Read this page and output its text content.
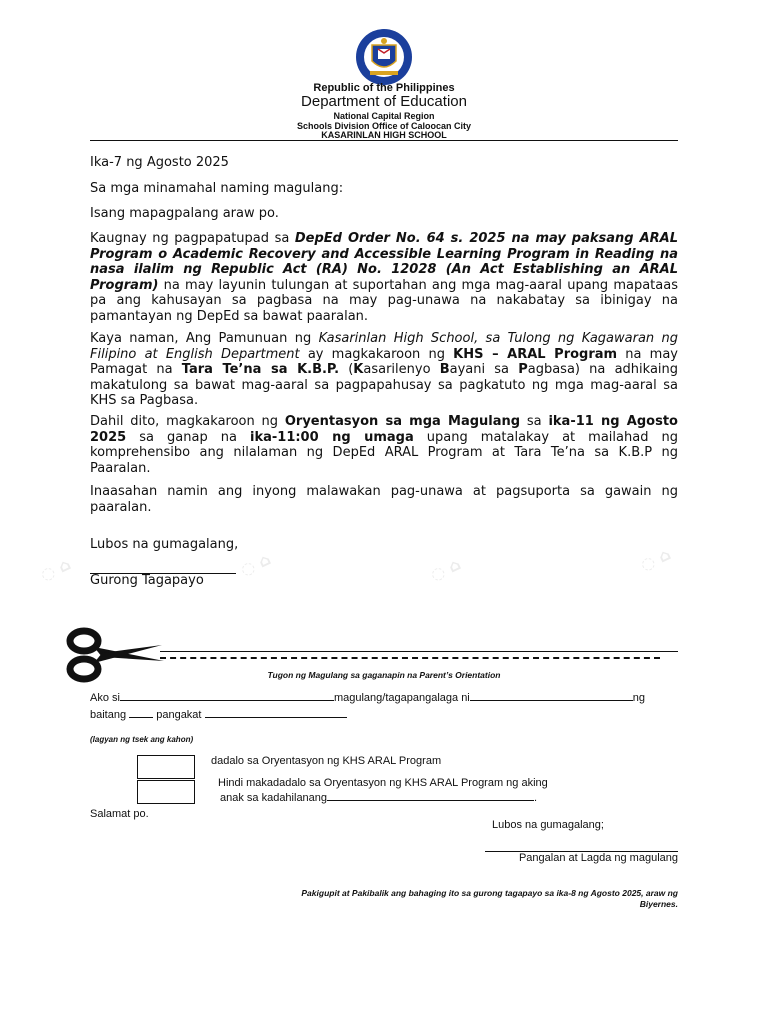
◌ ⌂	◌ ⌂	◌ ⌂	◌ ⌂
Republic of the Philippines
Department of Education
National Capital Region
Schools Division Office of Caloocan City
KASARINLAN HIGH SCHOOL
Ika-7 ng Agosto 2025
Sa mga minamahal naming magulang:
Isang mapagpalang araw po.
Kaugnay ng pagpapatupad sa DepEd Order No. 64 s. 2025 na may paksang ARAL Program o Academic Recovery and Accessible Learning Program in Reading na nasa ilalim ng Republic Act (RA) No. 12028 (An Act Establishing an ARAL Program) na may layunin tulungan at suportahan ang mga mag-aaral upang mapataas pa ang kahusayan sa pagbasa na may pag-unawa na nakabatay sa ibinigay na pamantayan ng DepEd sa bawat paaralan.
Kaya naman, Ang Pamunuan ng Kasarinlan High School, sa Tulong ng Kagawaran ng Filipino at English Department ay magkakaroon ng KHS – ARAL Program na may Pamagat na Tara Te’na sa K.B.P. (Kasarilenyo Bayani sa Pagbasa) na adhikaing makatulong sa bawat mag-aaral sa pagpapahusay sa pagkatuto ng mga mag-aaral sa KHS sa Pagbasa.
Dahil dito, magkakaroon ng Oryentasyon sa mga Magulang sa ika-11 ng Agosto 2025 sa ganap na ika-11:00 ng umaga upang matalakay at mailahad ng komprehensibo ang nilalaman ng DepEd ARAL Program at Tara Te’na sa K.B.P ng Paaralan.
Inaasahan namin ang inyong malawakan pag-unawa at pagsuporta sa gawain ng paaralan.
Lubos na gumagalang,
Gurong Tagapayo
Tugon ng Magulang sa gaganapin na Parent’s Orientation
Ako si	magulang/tagapangalaga ni	ng
baitang	pangakat
(lagyan ng tsek ang kahon)
dadalo sa Oryentasyon ng KHS ARAL Program
Hindi makadadalo sa Oryentasyon ng KHS ARAL Program ng aking
anak sa kadahilanang	.
Salamat po.
Lubos na gumagalang;
Pangalan at Lagda ng magulang
Pakigupit at Pakibalik ang bahaging ito sa gurong tagapayo sa ika-8 ng Agosto 2025, araw ng
Biyernes.
